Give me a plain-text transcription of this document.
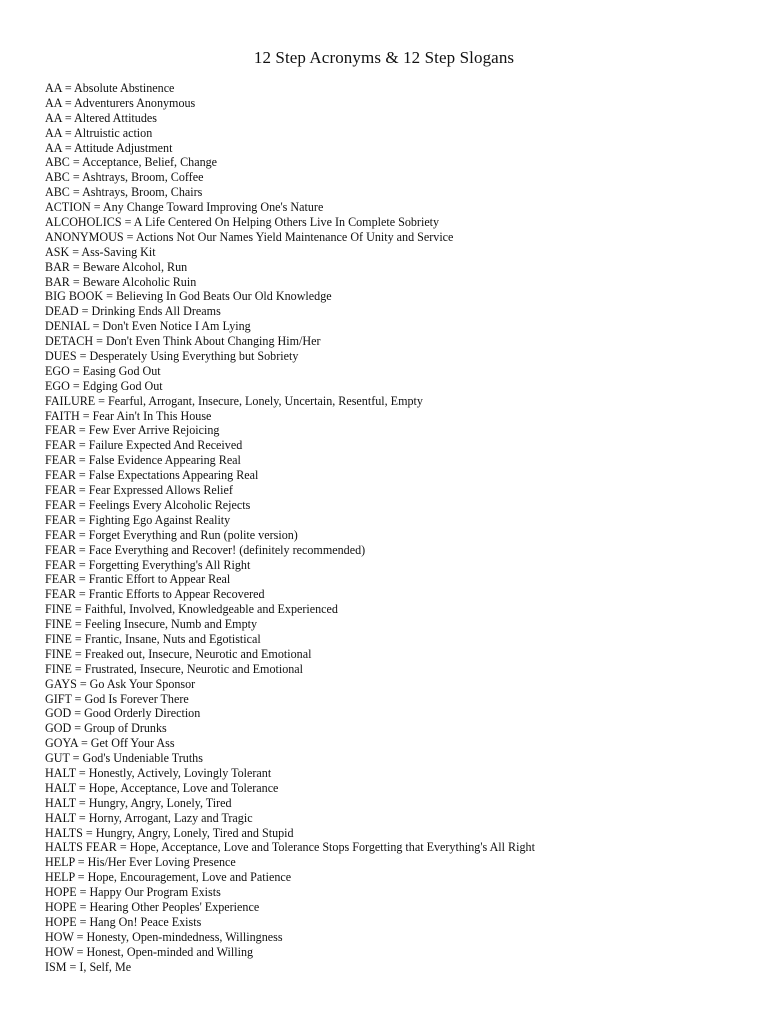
12 Step Acronyms & 12 Step Slogans
AA = Absolute Abstinence
AA = Adventurers Anonymous
AA = Altered Attitudes
AA = Altruistic action
AA = Attitude Adjustment
ABC = Acceptance, Belief, Change
ABC = Ashtrays, Broom, Coffee
ABC = Ashtrays, Broom, Chairs
ACTION = Any Change Toward Improving One's Nature
ALCOHOLICS = A Life Centered On Helping Others Live In Complete Sobriety
ANONYMOUS = Actions Not Our Names Yield Maintenance Of Unity and Service
ASK = Ass-Saving Kit
BAR = Beware Alcohol, Run
BAR = Beware Alcoholic Ruin
BIG BOOK = Believing In God Beats Our Old Knowledge
DEAD = Drinking Ends All Dreams
DENIAL = Don't Even Notice I Am Lying
DETACH = Don't Even Think About Changing Him/Her
DUES = Desperately Using Everything but Sobriety
EGO = Easing God Out
EGO = Edging God Out
FAILURE = Fearful, Arrogant, Insecure, Lonely, Uncertain, Resentful, Empty
FAITH = Fear Ain't In This House
FEAR = Few Ever Arrive Rejoicing
FEAR = Failure Expected And Received
FEAR = False Evidence Appearing Real
FEAR = False Expectations Appearing Real
FEAR = Fear Expressed Allows Relief
FEAR = Feelings Every Alcoholic Rejects
FEAR = Fighting Ego Against Reality
FEAR = Forget Everything and Run (polite version)
FEAR = Face Everything and Recover! (definitely recommended)
FEAR = Forgetting Everything's All Right
FEAR = Frantic Effort to Appear Real
FEAR = Frantic Efforts to Appear Recovered
FINE = Faithful, Involved, Knowledgeable and Experienced
FINE = Feeling Insecure, Numb and Empty
FINE = Frantic, Insane, Nuts and Egotistical
FINE = Freaked out, Insecure, Neurotic and Emotional
FINE = Frustrated, Insecure, Neurotic and Emotional
GAYS = Go Ask Your Sponsor
GIFT = God Is Forever There
GOD = Good Orderly Direction
GOD = Group of Drunks
GOYA = Get Off Your Ass
GUT = God's Undeniable Truths
HALT = Honestly, Actively, Lovingly Tolerant
HALT = Hope, Acceptance, Love and Tolerance
HALT = Hungry, Angry, Lonely, Tired
HALT = Horny, Arrogant, Lazy and Tragic
HALTS = Hungry, Angry, Lonely, Tired and Stupid
HALTS FEAR = Hope, Acceptance, Love and Tolerance Stops Forgetting that Everything's All Right
HELP = His/Her Ever Loving Presence
HELP = Hope, Encouragement, Love and Patience
HOPE = Happy Our Program Exists
HOPE = Hearing Other Peoples' Experience
HOPE = Hang On! Peace Exists
HOW = Honesty, Open-mindedness, Willingness
HOW = Honest, Open-minded and Willing
ISM = I, Self, Me
